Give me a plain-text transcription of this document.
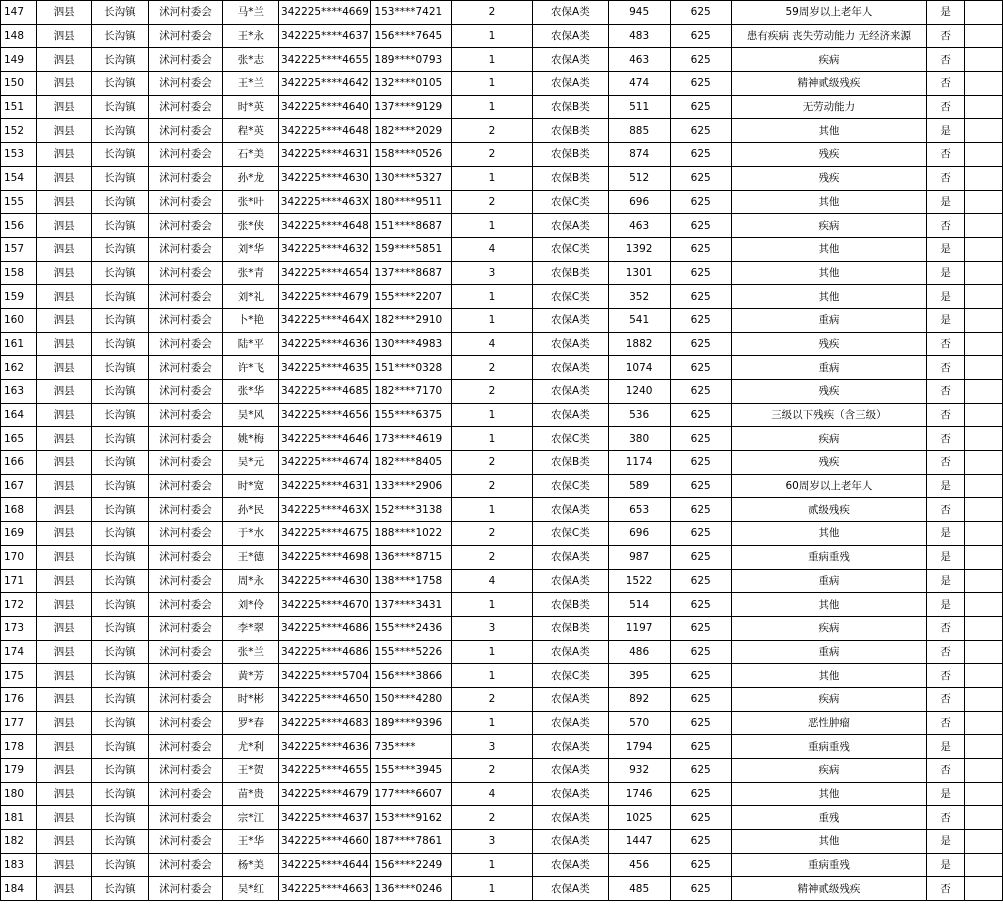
147	泗县	长沟镇	沭河村委会	马*兰	342225****4669	153****7421	2	农保A类	945	625	59周岁以上老年人	是	
148	泗县	长沟镇	沭河村委会	王*永	342225****4637	156****7645	1	农保A类	483	625	患有疾病 丧失劳动能力 无经济来源	否	
149	泗县	长沟镇	沭河村委会	张*志	342225****4655	189****0793	1	农保A类	463	625	疾病	否	
150	泗县	长沟镇	沭河村委会	王*兰	342225****4642	132****0105	1	农保A类	474	625	精神贰级残疾	否	
151	泗县	长沟镇	沭河村委会	时*英	342225****4640	137****9129	1	农保B类	511	625	无劳动能力	否	
152	泗县	长沟镇	沭河村委会	程*英	342225****4648	182****2029	2	农保B类	885	625	其他	是	
153	泗县	长沟镇	沭河村委会	石*美	342225****4631	158****0526	2	农保B类	874	625	残疾	否	
154	泗县	长沟镇	沭河村委会	孙*龙	342225****4630	130****5327	1	农保B类	512	625	残疾	否	
155	泗县	长沟镇	沭河村委会	张*叶	342225****463X	180****9511	2	农保C类	696	625	其他	是	
156	泗县	长沟镇	沭河村委会	张*侠	342225****4648	151****8687	1	农保A类	463	625	疾病	否	
157	泗县	长沟镇	沭河村委会	刘*华	342225****4632	159****5851	4	农保C类	1392	625	其他	是	
158	泗县	长沟镇	沭河村委会	张*青	342225****4654	137****8687	3	农保B类	1301	625	其他	是	
159	泗县	长沟镇	沭河村委会	刘*礼	342225****4679	155****2207	1	农保C类	352	625	其他	是	
160	泗县	长沟镇	沭河村委会	卜*艳	342225****464X	182****2910	1	农保A类	541	625	重病	是	
161	泗县	长沟镇	沭河村委会	陆*平	342225****4636	130****4983	4	农保A类	1882	625	残疾	否	
162	泗县	长沟镇	沭河村委会	许*飞	342225****4635	151****0328	2	农保A类	1074	625	重病	否	
163	泗县	长沟镇	沭河村委会	张*华	342225****4685	182****7170	2	农保A类	1240	625	残疾	否	
164	泗县	长沟镇	沭河村委会	吴*风	342225****4656	155****6375	1	农保A类	536	625	三级以下残疾（含三级）	否	
165	泗县	长沟镇	沭河村委会	姚*梅	342225****4646	173****4619	1	农保C类	380	625	疾病	否	
166	泗县	长沟镇	沭河村委会	吴*元	342225****4674	182****8405	2	农保B类	1174	625	残疾	否	
167	泗县	长沟镇	沭河村委会	时*宽	342225****4631	133****2906	2	农保C类	589	625	60周岁以上老年人	是	
168	泗县	长沟镇	沭河村委会	孙*民	342225****463X	152****3138	1	农保A类	653	625	贰级残疾	否	
169	泗县	长沟镇	沭河村委会	于*水	342225****4675	188****1022	2	农保C类	696	625	其他	是	
170	泗县	长沟镇	沭河村委会	王*德	342225****4698	136****8715	2	农保A类	987	625	重病重残	是	
171	泗县	长沟镇	沭河村委会	周*永	342225****4630	138****1758	4	农保A类	1522	625	重病	是	
172	泗县	长沟镇	沭河村委会	刘*伶	342225****4670	137****3431	1	农保B类	514	625	其他	是	
173	泗县	长沟镇	沭河村委会	李*翠	342225****4686	155****2436	3	农保B类	1197	625	疾病	否	
174	泗县	长沟镇	沭河村委会	张*兰	342225****4686	155****5226	1	农保A类	486	625	重病	否	
175	泗县	长沟镇	沭河村委会	黄*芳	342225****5704	156****3866	1	农保C类	395	625	其他	否	
176	泗县	长沟镇	沭河村委会	时*彬	342225****4650	150****4280	2	农保A类	892	625	疾病	否	
177	泗县	长沟镇	沭河村委会	罗*春	342225****4683	189****9396	1	农保A类	570	625	恶性肿瘤	否	
178	泗县	长沟镇	沭河村委会	尤*利	342225****4636	735****	3	农保A类	1794	625	重病重残	是	
179	泗县	长沟镇	沭河村委会	王*贺	342225****4655	155****3945	2	农保A类	932	625	疾病	否	
180	泗县	长沟镇	沭河村委会	苗*贵	342225****4679	177****6607	4	农保A类	1746	625	其他	是	
181	泗县	长沟镇	沭河村委会	宗*江	342225****4637	153****9162	2	农保A类	1025	625	重残	否	
182	泗县	长沟镇	沭河村委会	王*华	342225****4660	187****7861	3	农保A类	1447	625	其他	是	
183	泗县	长沟镇	沭河村委会	杨*美	342225****4644	156****2249	1	农保A类	456	625	重病重残	是	
184	泗县	长沟镇	沭河村委会	吴*红	342225****4663	136****0246	1	农保A类	485	625	精神贰级残疾	否	
